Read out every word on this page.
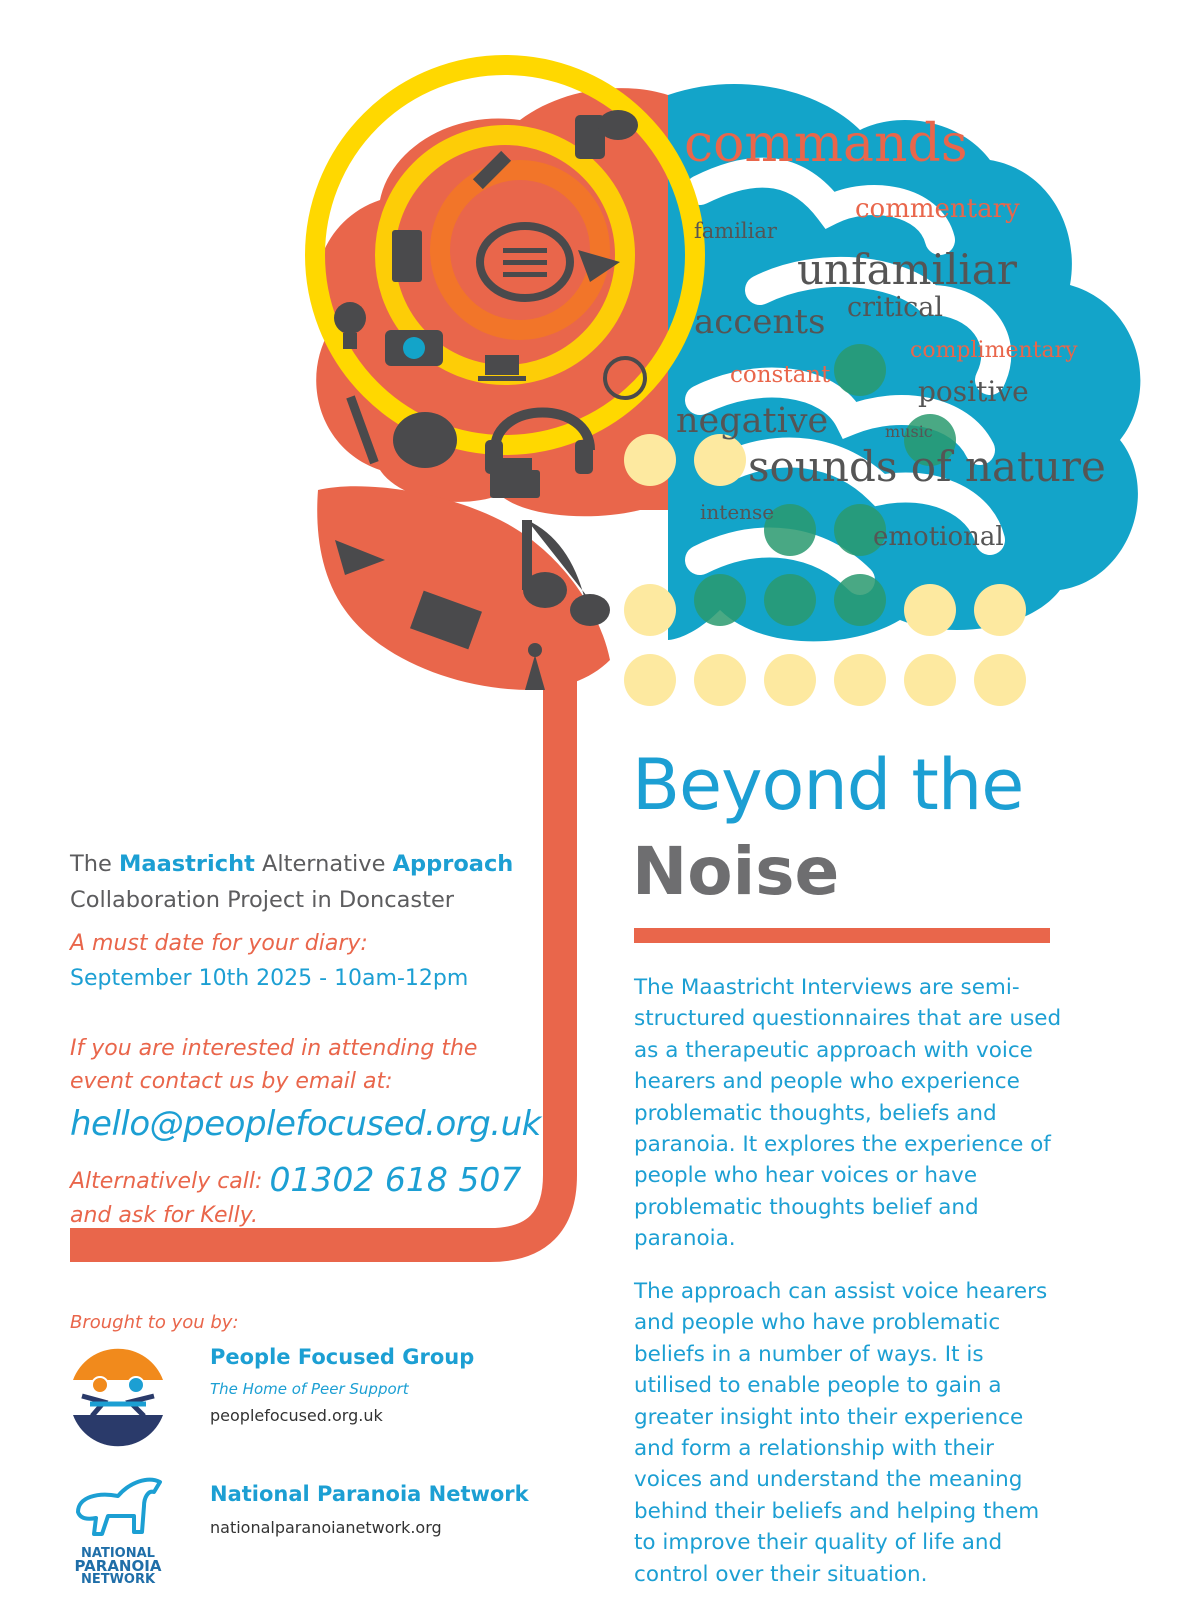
commands
commentary
familiar
unfamiliar
critical
accents
complimentary
constant	positive
negative	music
sounds of nature
intense
emotional
Beyond the
Noise

The Maastricht Interviews are semi-structured questionnaires that are used as a therapeutic approach with voice hearers and people who experience problematic thoughts, beliefs and paranoia. It explores the experience of people who hear voices or have problematic thoughts belief and paranoia.

The approach can assist voice hearers and people who have problematic beliefs in a number of ways. It is utilised to enable people to gain a greater insight into their experience and form a relationship with their voices and understand the meaning behind their beliefs and helping them to improve their quality of life and control over their situation.

The Maastricht Alternative Approach
Collaboration Project in Doncaster
A must date for your diary:
September 10th 2025 - 10am-12pm
If you are interested in attending the
event contact us by email at:
hello@peoplefocused.org.uk
Alternatively call: 01302 618 507
and ask for Kelly.
Brought to you by:
People Focused Group
The Home of Peer Support
peoplefocused.org.uk
NATIONAL
PARANOIA
NETWORK
National Paranoia Network
nationalparanoianetwork.org
